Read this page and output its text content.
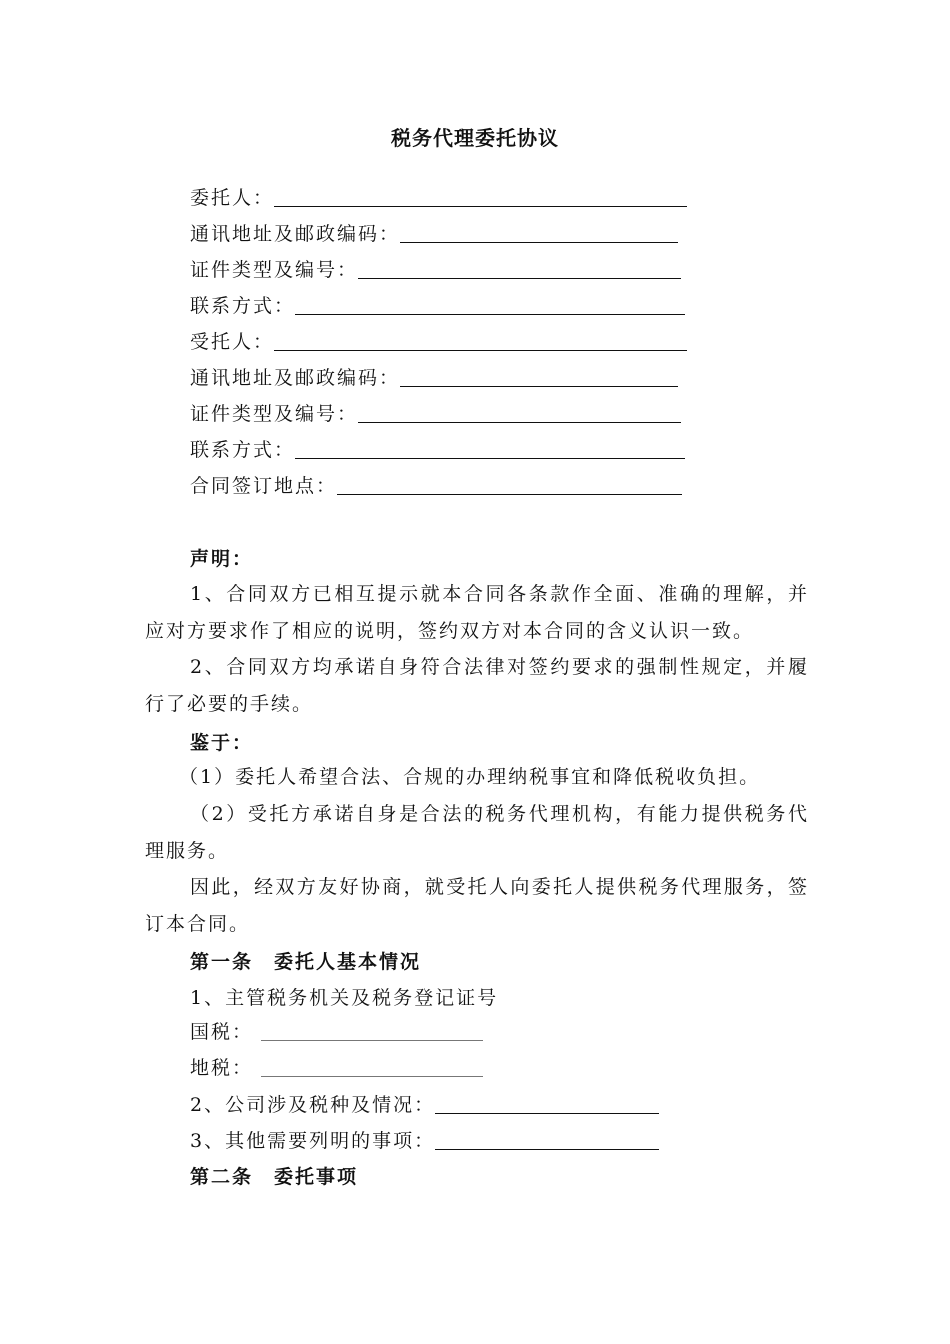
税务代理委托协议
委托人：
通讯地址及邮政编码：
证件类型及编号：
联系方式：
受托人：
通讯地址及邮政编码：
证件类型及编号：
联系方式：
合同签订地点：
声明：
1、合同双方已相互提示就本合同各条款作全面、准确的理解，并应对方要求作了相应的说明，签约双方对本合同的含义认识一致。
2、合同双方均承诺自身符合法律对签约要求的强制性规定，并履行了必要的手续。
鉴于：
（1）委托人希望合法、合规的办理纳税事宜和降低税收负担。
（2）受托方承诺自身是合法的税务代理机构，有能力提供税务代理服务。
因此，经双方友好协商，就受托人向委托人提供税务代理服务，签订本合同。
第一条　委托人基本情况
1、主管税务机关及税务登记证号
国税：
地税：
2、公司涉及税种及情况：
3、其他需要列明的事项：
第二条　委托事项
